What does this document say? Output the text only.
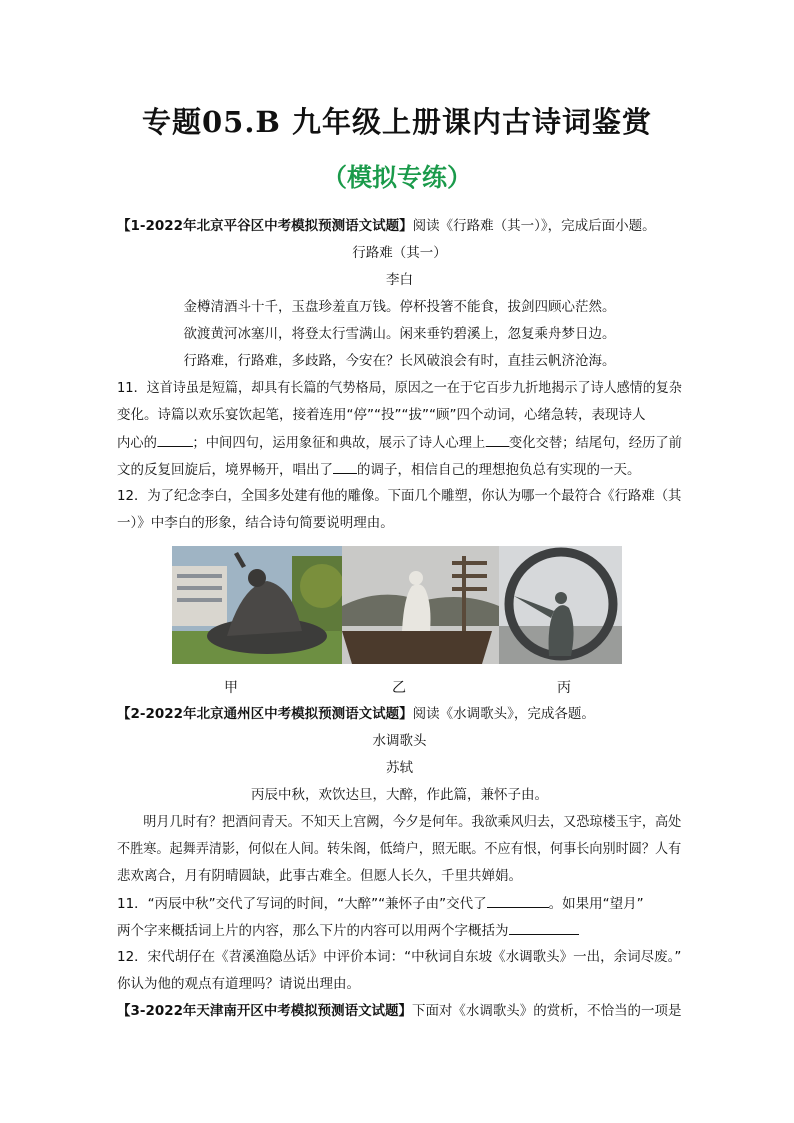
专题05.B 九年级上册课内古诗词鉴赏
（模拟专练）
【1-2022年北京平谷区中考模拟预测语文试题】阅读《行路难（其一）》，完成后面小题。
行路难（其一）
李白
金樽清酒斗十千，玉盘珍羞直万钱。停杯投箸不能食，拔剑四顾心茫然。
欲渡黄河冰塞川，将登太行雪满山。闲来垂钓碧溪上，忽复乘舟梦日边。
行路难，行路难，多歧路，今安在？长风破浪会有时，直挂云帆济沧海。
11．这首诗虽是短篇，却具有长篇的气势格局，原因之一在于它百步九折地揭示了诗人感情的复杂
变化。诗篇以欢乐宴饮起笔，接着连用“停”“投”“拔”“顾”四个动词，心绪急转，表现诗人
内心的	；中间四句，运用象征和典故，展示了诗人心理上 变化交替；结尾句，经历了前
文的反复回旋后，境界畅开，唱出了 的调子，相信自己的理想抱负总有实现的一天。
12．为了纪念李白，全国多处建有他的雕像。下面几个雕塑，你认为哪一个最符合《行路难（其
一）》中李白的形象，结合诗句简要说明理由。
甲	乙	丙
【2-2022年北京通州区中考模拟预测语文试题】阅读《水调歌头》，完成各题。
水调歌头
苏轼
丙辰中秋，欢饮达旦，大醉，作此篇，兼怀子由。
明月几时有？把酒问青天。不知天上宫阙，今夕是何年。我欲乘风归去，又恐琼楼玉宇，高处
不胜寒。起舞弄清影，何似在人间。转朱阁，低绮户，照无眠。不应有恨，何事长向别时圆？人有
悲欢离合，月有阴晴圆缺，此事古难全。但愿人长久，千里共婵娟。
11．“丙辰中秋”交代了写词的时间，“大醉”“兼怀子由”交代了	。如果用“望月”
两个字来概括词上片的内容，那么下片的内容可以用两个字概括为
12．宋代胡仔在《苕溪渔隐丛话》中评价本词：“中秋词自东坡《水调歌头》一出，余词尽废。”
你认为他的观点有道理吗？请说出理由。
【3-2022年天津南开区中考模拟预测语文试题】下面对《水调歌头》的赏析，不恰当的一项是
